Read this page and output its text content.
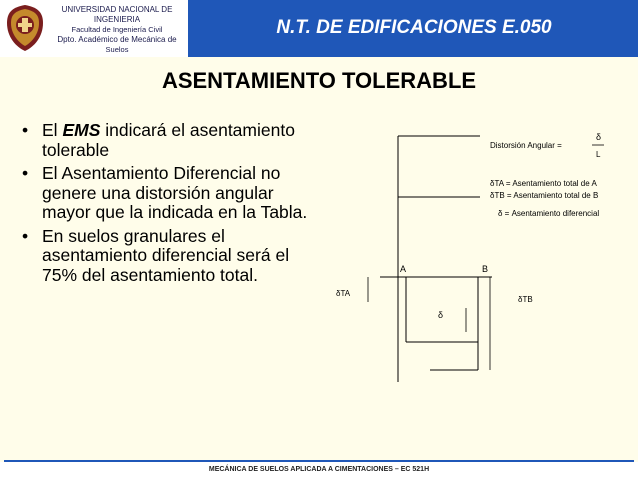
UNIVERSIDAD NACIONAL DE INGENIERIA
Facultad de Ingeniería Civil
Dpto. Académico de Mecánica de
Suelos
N.T. DE EDIFICACIONES E.050
ASENTAMIENTO TOLERABLE
• El EMS indicará el asentamiento tolerable
• El Asentamiento Diferencial no genere una distorsión angular mayor que la indicada en la Tabla.
• En suelos granulares el asentamiento diferencial será el 75% del asentamiento total.
Distorsión Angular =
δ
L
δTA = Asentamiento total de A
δTB = Asentamiento total de B
δ = Asentamiento diferencial
A	B
δTA
δTB
δ
MECÁNICA DE SUELOS APLICADA A CIMENTACIONES – EC 521H
